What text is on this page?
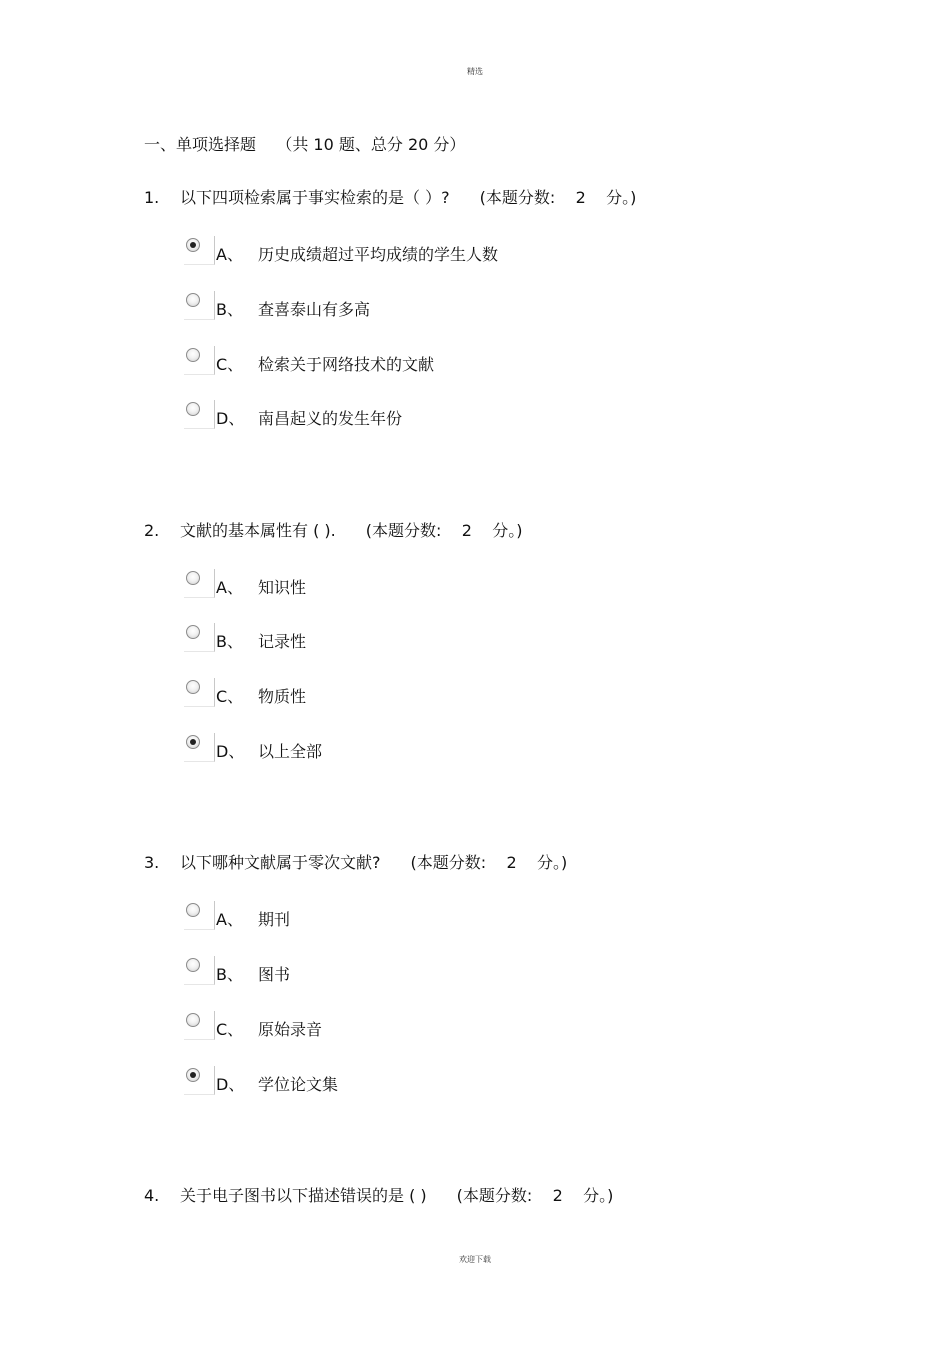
精选
一、单项选择题    （共 10 题、总分 20 分）
1. 以下四项检索属于事实检索的是（ ）? (本题分数:    2    分。)
A、 历史成绩超过平均成绩的学生人数
B、 查喜泰山有多高
C、 检索关于网络技术的文献
D、 南昌起义的发生年份
2. 文献的基本属性有 ( ). (本题分数:    2    分。)
A、 知识性
B、 记录性
C、 物质性
D、 以上全部
3. 以下哪种文献属于零次文献? (本题分数:    2    分。)
A、 期刊
B、 图书
C、 原始录音
D、 学位论文集
4. 关于电子图书以下描述错误的是 ( ) (本题分数:    2    分。)
欢迎下载
